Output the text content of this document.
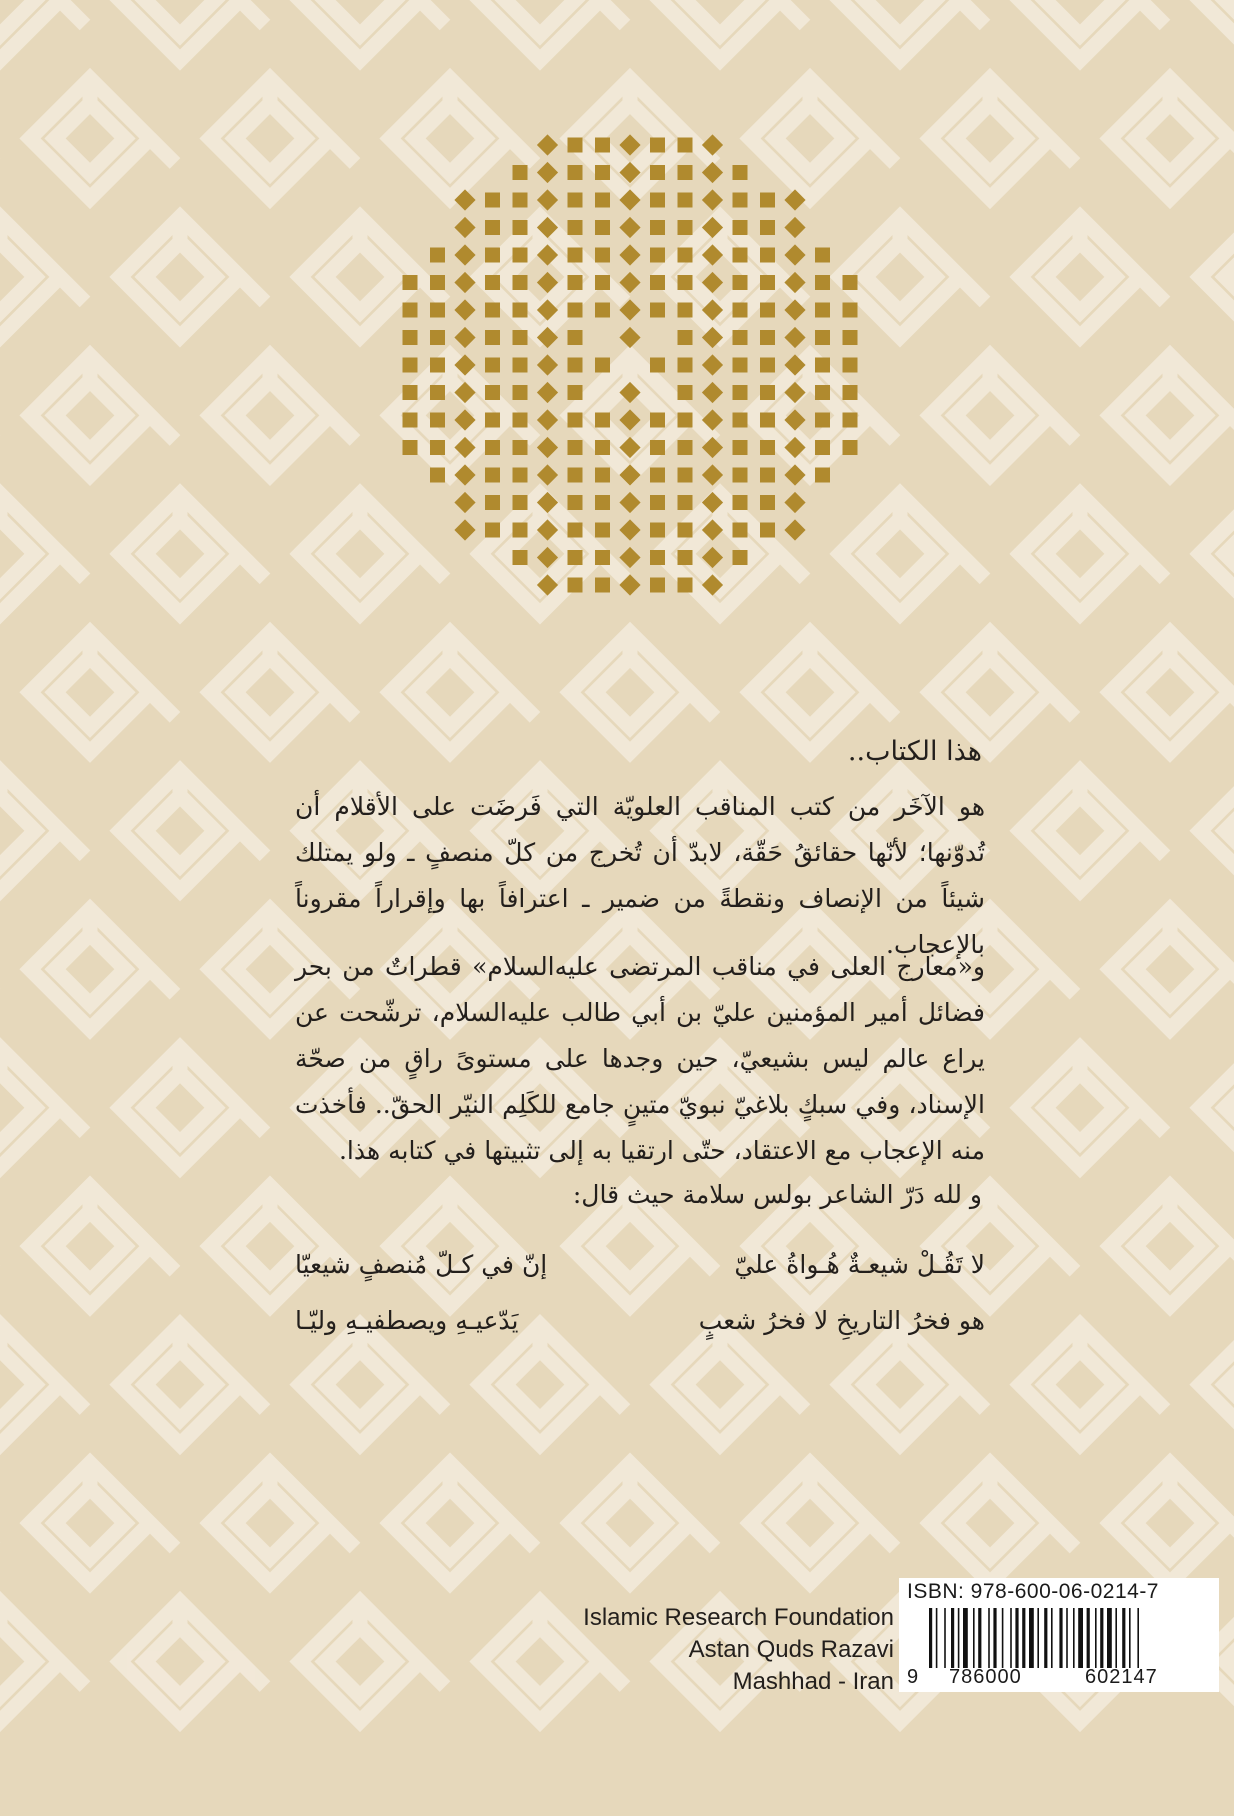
هذا الكتاب..
هو الآخَر من كتب المناقب العلويّة التي فَرضَت على الأقلام أن تُدوّنها؛ لأنّها حقائقُ حَقّة، لابدّ أن تُخرج من كلّ منصفٍ ـ ولو يمتلك شيئاً من الإنصاف ونقطةً من ضمير ـ اعترافاً بها وإقراراً مقروناً بالإعجاب.
و«معارج العلى في مناقب المرتضى علیه‌السلام» قطراتٌ من بحر فضائل أمير المؤمنين عليّ بن أبي طالب علیه‌السلام، ترشّحت عن يراع عالم ليس بشيعيّ، حين وجدها على مستوىً راقٍ من صحّة الإسناد، وفي سبكٍ بلاغيّ نبويّ متينٍ جامع للكَلِم النيّر الحقّ.. فأخذت منه الإعجاب مع الاعتقاد، حتّى ارتقيا به إلى تثبيتها في كتابه هذا.
و لله دَرّ الشاعر بولس سلامة حيث قال:
لا تَقُـلْ شيعـةٌ هُـواةُ عليّ
إنّ في كـلّ مُنصفٍ شيعيّا
هو فخرُ التاريخِ لا فخرُ شعبٍ
يَدّعيـهِ ويصطفيـهِ وليّـا
Islamic Research Foundation
Astan Quds Razavi
Mashhad - Iran
ISBN: 978-600-06-0214-7
9 786000	602147
